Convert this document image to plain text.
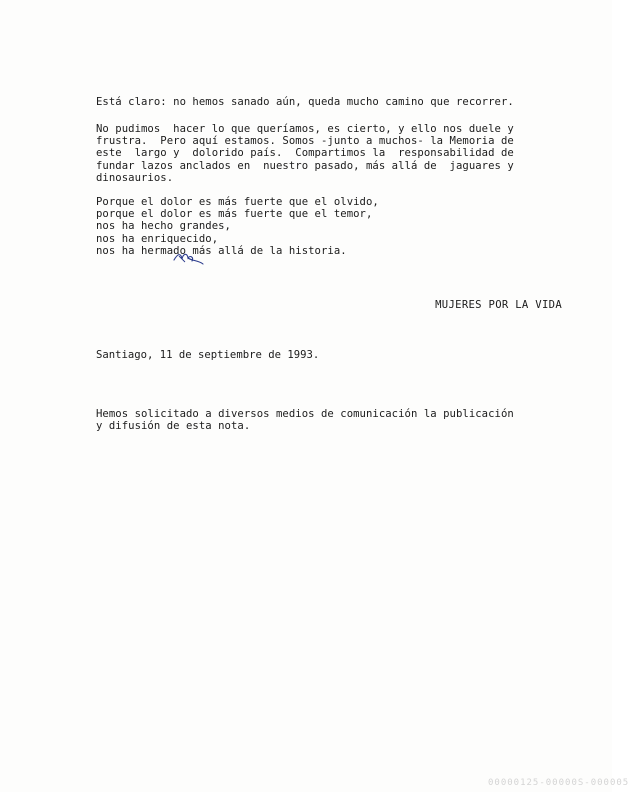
Está claro: no hemos sanado aún, queda mucho camino que recorrer.

No pudimos  hacer lo que queríamos, es cierto, y ello nos duele y
frustra.  Pero aquí estamos. Somos -junto a muchos- la Memoria de
este  largo y  dolorido país.  Compartimos la  responsabilidad de
fundar lazos anclados en  nuestro pasado, más allá de  jaguares y
dinosaurios.

Porque el dolor es más fuerte que el olvido,
porque el dolor es más fuerte que el temor,
nos ha hecho grandes,
nos ha enriquecido,
nos ha hermado más allá de la historia.

MUJERES POR LA VIDA
Santiago, 11 de septiembre de 1993.

Hemos solicitado a diversos medios de comunicación la publicación
y difusión de esta nota.

00000125-00000S-000005
